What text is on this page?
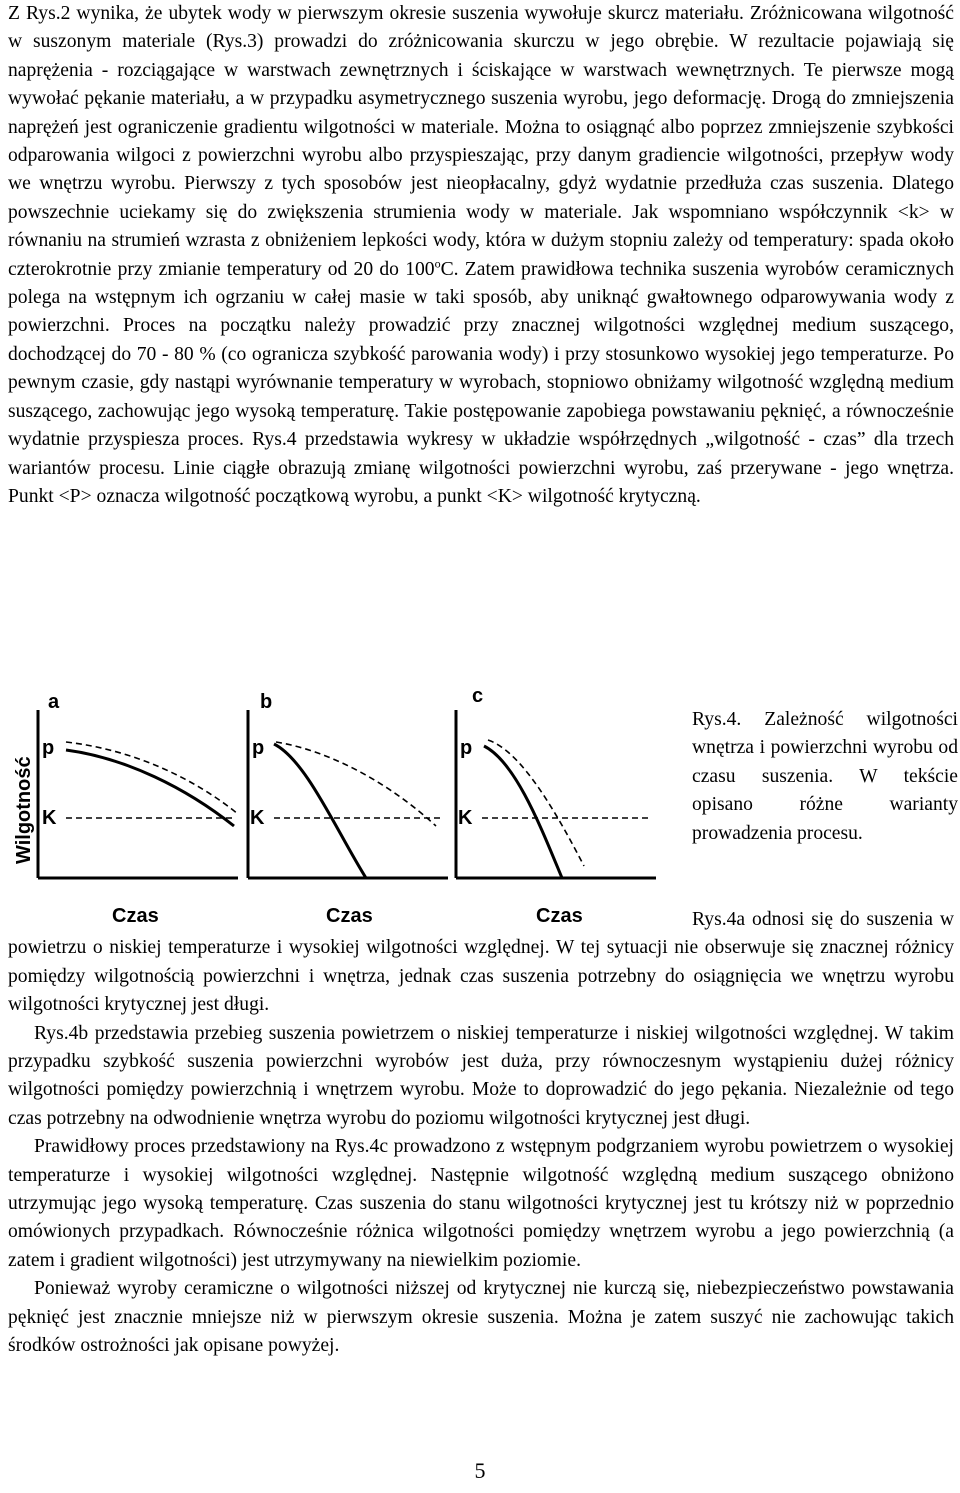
Z Rys.2 wynika, że ubytek wody w pierwszym okresie suszenia wywołuje skurcz materiału. Zróżnicowana wilgotność w suszonym materiale (Rys.3) prowadzi do zróżnicowania skurczu w jego obrębie. W rezultacie pojawiają się naprężenia - rozciągające w warstwach zewnętrznych i ściskające w warstwach wewnętrznych. Te pierwsze mogą wywołać pękanie materiału, a w przypadku asymetrycznego suszenia wyrobu, jego deformację. Drogą do zmniejszenia naprężeń jest ograniczenie gradientu wilgotności w materiale. Można to osiągnąć albo poprzez zmniejszenie szybkości odparowania wilgoci z powierzchni wyrobu albo przyspieszając, przy danym gradiencie wilgotności, przepływ wody we wnętrzu wyrobu. Pierwszy z tych sposobów jest nieopłacalny, gdyż wydatnie przedłuża czas suszenia. Dlatego powszechnie uciekamy się do zwiększenia strumienia wody w materiale. Jak wspomniano współczynnik <k> w równaniu na strumień wzrasta z obniżeniem lepkości wody, która w dużym stopniu zależy od temperatury: spada około czterokrotnie przy zmianie temperatury od 20 do 100$^o$C. Zatem prawidłowa technika suszenia wyrobów ceramicznych polega na wstępnym ich ogrzaniu w całej masie w taki sposób, aby uniknąć gwałtownego odparowywania wody z powierzchni. Proces na początku należy prowadzić przy znacznej wilgotności względnej medium suszącego, dochodzącej do 70 - 80 % (co ogranicza szybkość parowania wody) i przy stosunkowo wysokiej jego temperaturze. Po pewnym czasie, gdy nastąpi wyrównanie temperatury w wyrobach, stopniowo obniżamy wilgotność względną medium suszącego, zachowując jego wysoką temperaturę. Takie postępowanie zapobiega powstawaniu pęknięć, a równocześnie wydatnie przyspiesza proces. Rys.4 przedstawia wykresy w układzie współrzędnych „wilgotność - czas” dla trzech wariantów procesu. Linie ciągłe obrazują zmianę wilgotności powierzchni wyrobu, zaś przerywane - jego wnętrza. Punkt <P> oznacza wilgotność początkową wyrobu, a punkt <K> wilgotność krytyczną.

Wilgotność
a
p
K
Czas
b
p
K
Czas
c
p
K
Czas

Rys.4. Zależność wilgotności wnętrza i powierzchni wyrobu od czasu suszenia. W tekście opisano różne warianty prowadzenia procesu.

Rys.4a odnosi się do suszenia w powietrzu o niskiej temperaturze i wysokiej wilgotności względnej. W tej sytuacji nie obserwuje się znacznej różnicy pomiędzy wilgotnością powierzchni i wnętrza, jednak czas suszenia potrzebny do osiągnięcia we wnętrzu wyrobu wilgotności krytycznej jest długi.

Rys.4b przedstawia przebieg suszenia powietrzem o niskiej temperaturze i niskiej wilgotności względnej. W takim przypadku szybkość suszenia powierzchni wyrobów jest duża, przy równoczesnym wystąpieniu dużej różnicy wilgotności pomiędzy powierzchnią i wnętrzem wyrobu. Może to doprowadzić do jego pękania. Niezależnie od tego czas potrzebny na odwodnienie wnętrza wyrobu do poziomu wilgotności krytycznej jest długi.

Prawidłowy proces przedstawiony na Rys.4c prowadzono z wstępnym podgrzaniem wyrobu powietrzem o wysokiej temperaturze i wysokiej wilgotności względnej. Następnie wilgotność względną medium suszącego obniżono utrzymując jego wysoką temperaturę. Czas suszenia do stanu wilgotności krytycznej jest tu krótszy niż w poprzednio omówionych przypadkach. Równocześnie różnica wilgotności pomiędzy wnętrzem wyrobu a jego powierzchnią (a zatem i gradient wilgotności) jest utrzymywany na niewielkim poziomie.

Ponieważ wyroby ceramiczne o wilgotności niższej od krytycznej nie kurczą się, niebezpieczeństwo powstawania pęknięć jest znacznie mniejsze niż w pierwszym okresie suszenia. Można je zatem suszyć nie zachowując takich środków ostrożności jak opisane powyżej.

5
